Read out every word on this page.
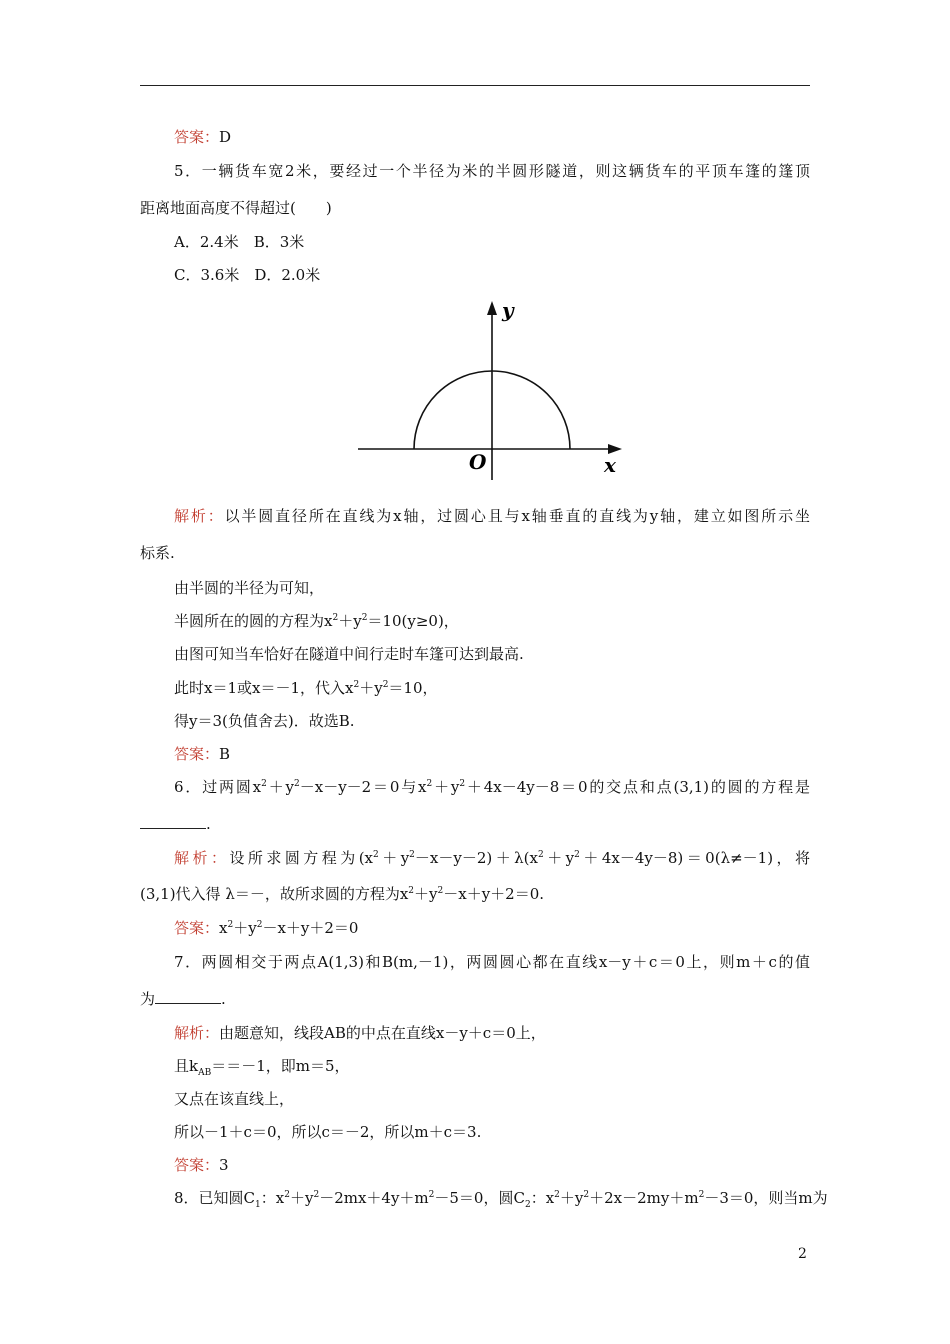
答案：D
5．一辆货车宽2米，要经过一个半径为米的半圆形隧道，则这辆货车的平顶车篷的篷顶
距离地面高度不得超过(　　)
A．2.4米　B．3米
C．3.6米　D．2.0米
y
x
O
解析：以半圆直径所在直线为x轴，过圆心且与x轴垂直的直线为y轴，建立如图所示坐
标系.
由半圆的半径为可知，
半圆所在的圆的方程为$x^2+y^2=10(y\ge 0)$，
由图可知当车恰好在隧道中间行走时车篷可达到最高.
此时x＝1或x＝－1，代入$x^2+y^2=10$，
得y＝3(负值舍去)．故选B.
答案：B
6．过两圆$x^2+y^2-x-y-2=0$与$x^2+y^2+4x-4y-8=0$的交点和点(3,1)的圆的方程是
.
解析：设所求圆方程为$(x^2+y^2-x-y-2)+\lambda(x^2+y^2+4x-4y-8)=0(\lambda\ne-1)$，将
(3,1)代入得 λ＝－，故所求圆的方程为$x^2+y^2-x+y+2=0$.
答案：$x^2+y^2-x+y+2=0$
7．两圆相交于两点A(1,3)和B(m,－1)，两圆圆心都在直线x－y＋c＝0上，则m＋c的值
为	.
解析：由题意知，线段AB的中点在直线x－y＋c＝0上，
且$k_{AB}==-1$，即m＝5，
又点在该直线上，
所以－1＋c＝0，所以c＝－2，所以m＋c＝3.
答案：3
8．已知圆$C_1$：$x^2+y^2-2mx+4y+m^2-5=0$，圆$C_2$：$x^2+y^2+2x-2my+m^2-3=0$，则当m为
2
